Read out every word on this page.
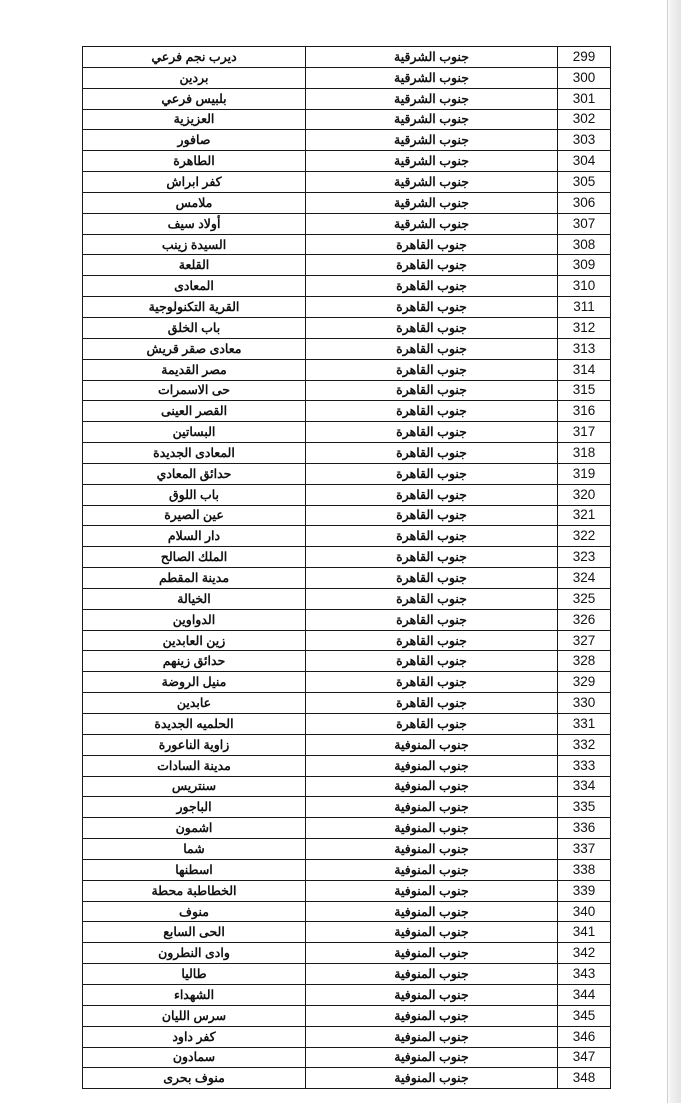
ديرب نجم فرعي	جنوب الشرقية	299
بردين	جنوب الشرقية	300
بلبيس فرعي	جنوب الشرقية	301
العزيزية	جنوب الشرقية	302
صافور	جنوب الشرقية	303
الطاهرة	جنوب الشرقية	304
كفر ابراش	جنوب الشرقية	305
ملامس	جنوب الشرقية	306
أولاد سيف	جنوب الشرقية	307
السيدة زينب	جنوب القاهرة	308
القلعة	جنوب القاهرة	309
المعادى	جنوب القاهرة	310
القرية التكنولوجية	جنوب القاهرة	311
باب الخلق	جنوب القاهرة	312
معادى صقر قريش	جنوب القاهرة	313
مصر القديمة	جنوب القاهرة	314
حى الاسمرات	جنوب القاهرة	315
القصر العينى	جنوب القاهرة	316
البساتين	جنوب القاهرة	317
المعادى الجديدة	جنوب القاهرة	318
حدائق المعادي	جنوب القاهرة	319
باب اللوق	جنوب القاهرة	320
عين الصيرة	جنوب القاهرة	321
دار السلام	جنوب القاهرة	322
الملك الصالح	جنوب القاهرة	323
مدينة المقطم	جنوب القاهرة	324
الخيالة	جنوب القاهرة	325
الدواوين	جنوب القاهرة	326
زين العابدين	جنوب القاهرة	327
حدائق زينهم	جنوب القاهرة	328
منيل الروضة	جنوب القاهرة	329
عابدين	جنوب القاهرة	330
الحلميه الجديدة	جنوب القاهرة	331
زاوية الناعورة	جنوب المنوفية	332
مدينة السادات	جنوب المنوفية	333
سنتريس	جنوب المنوفية	334
الباجور	جنوب المنوفية	335
اشمون	جنوب المنوفية	336
شما	جنوب المنوفية	337
اسطنها	جنوب المنوفية	338
الخطاطبة محطة	جنوب المنوفية	339
منوف	جنوب المنوفية	340
الحى السابع	جنوب المنوفية	341
وادى النطرون	جنوب المنوفية	342
طاليا	جنوب المنوفية	343
الشهداء	جنوب المنوفية	344
سرس الليان	جنوب المنوفية	345
كفر داود	جنوب المنوفية	346
سمادون	جنوب المنوفية	347
منوف بحرى	جنوب المنوفية	348
